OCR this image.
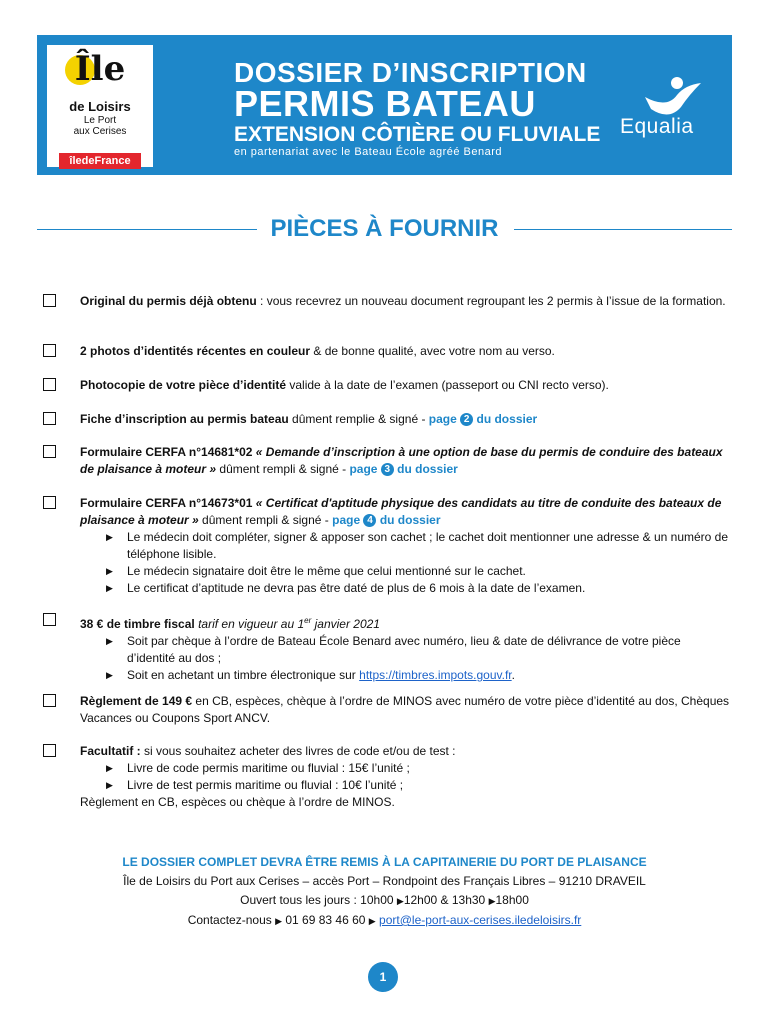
Île
de Loisirs
Le Port
aux Cerises
îledeFrance
DOSSIER D’INSCRIPTION
PERMIS BATEAU
EXTENSION CÔTIÈRE OU FLUVIALE
en partenariat avec le Bateau École agréé Benard
Equalia
PIÈCES À FOURNIR
Original du permis déjà obtenu : vous recevrez un nouveau document regroupant les 2 permis à l’issue de la formation.
2 photos d’identités récentes en couleur & de bonne qualité, avec votre nom au verso.
Photocopie de votre pièce d’identité valide à la date de l’examen (passeport ou CNI recto verso).
Fiche d’inscription au permis bateau dûment remplie & signé - page 2 du dossier
Formulaire CERFA n°14681*02 « Demande d’inscription à une option de base du permis de conduire des bateaux de plaisance à moteur » dûment rempli & signé - page 3 du dossier
Formulaire CERFA n°14673*01 « Certificat d'aptitude physique des candidats au titre de conduite des bateaux de plaisance à moteur » dûment rempli & signé - page 4 du dossier
▶ Le médecin doit compléter, signer & apposer son cachet ; le cachet doit mentionner une adresse & un numéro de téléphone lisible.
▶ Le médecin signataire doit être le même que celui mentionné sur le cachet.
▶ Le certificat d’aptitude ne devra pas être daté de plus de 6 mois à la date de l’examen.
38 € de timbre fiscal tarif en vigueur au 1er janvier 2021
▶ Soit par chèque à l’ordre de Bateau École Benard avec numéro, lieu & date de délivrance de votre pièce d’identité au dos ;
▶ Soit en achetant un timbre électronique sur https://timbres.impots.gouv.fr.
Règlement de 149 € en CB, espèces, chèque à l’ordre de MINOS avec numéro de votre pièce d’identité au dos, Chèques Vacances ou Coupons Sport ANCV.
Facultatif : si vous souhaitez acheter des livres de code et/ou de test :
▶ Livre de code permis maritime ou fluvial : 15€ l’unité ;
▶ Livre de test permis maritime ou fluvial : 10€ l’unité ;
Règlement en CB, espèces ou chèque à l’ordre de MINOS.
LE DOSSIER COMPLET DEVRA ÊTRE REMIS À LA CAPITAINERIE DU PORT DE PLAISANCE
Île de Loisirs du Port aux Cerises – accès Port – Rondpoint des Français Libres – 91210 DRAVEIL
Ouvert tous les jours : 10h00 ▶12h00 & 13h30 ▶18h00
Contactez-nous ▶ 01 69 83 46 60 ▶ port@le-port-aux-cerises.iledeloisirs.fr
1
